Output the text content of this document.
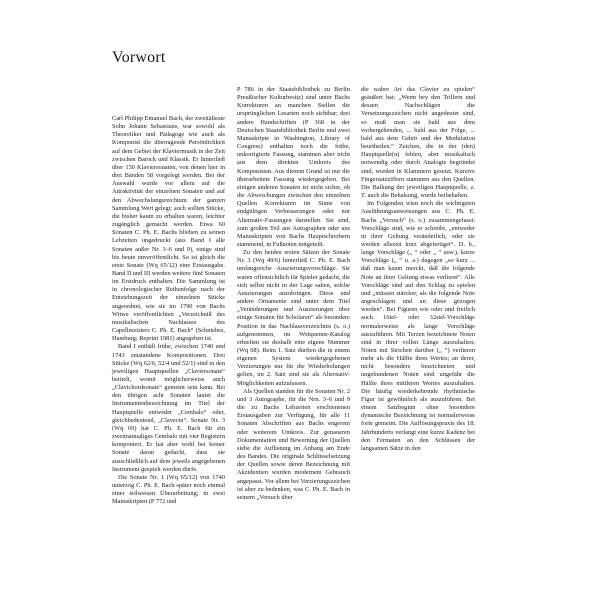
Vorwort

Carl Philipp Emanuel Bach, der zweitälteste Sohn Johann Sebastians, war sowohl als Theoretiker und Pädagoge wie auch als Komponist die überragende Persönlichkeit auf dem Gebiet der Klaviermusik in der Zeit zwischen Barock und Klassik. Er hinterließ über 150 Klaviersonaten, von denen hier in drei Bänden 58 vorgelegt werden. Bei der Auswahl wurde vor allem auf die Attraktivität der einzelnen Sonaten und auf den Abwechslungsreichtum der ganzen Sammlung Wert gelegt; auch sollten Stücke, die bisher kaum zu erhalten waren, leichter zugänglich gemacht werden. Etwa 60 Sonaten C. Ph. E. Bachs blieben zu seinen Lebzeiten ungedruckt (aus Band I alle Sonaten außer Nr. 3–6 und 9), einige sind bis heute unveröffentlicht. So ist gleich die erste Sonate (Wq 65/12) eine Erstausgabe. Band II und III werden weitere fünf Sonaten im Erstdruck enthalten. Die Sammlung ist in chronologischer Reihenfolge nach der Entstehungszeit der einzelnen Stücke angeordnet, wie sie im 1790 von Bachs Witwe veröffentlichten „Verzeichniß des musikalischen Nachlasses des Capellmeisters C. Ph. E. Bach“ (Schniebes, Hamburg; Reprint 1981) angegeben ist.

Band I enthält frühe, zwischen 1740 und 1743 entstandene Kompositionen. Drei Stücke (Wq 62/6, 52/4 und 52/1) sind in den jeweiligen Hauptquellen „Claviersonate“ betitelt, womit möglicherweise auch „Clavichordsonate“ gemeint sein kann. Bei den übrigen acht Sonaten lautet die Instrumentenbezeichnung im Titel der Hauptquelle entweder „Cembalo“ oder, gleichbedeutend, „Clavecin“. Sonate Nr. 3 (Wq 69) hat C. Ph. E. Bach für ein zweimanualiges Cembalo mit vier Registern komponiert. Er hat aber wohl bei keiner Sonate daran gedacht, dass sie ausschließlich auf dem jeweils angegebenen Instrument gespielt werden dürfe.

Die Sonate Nr. 1 (Wq 65/12) von 1740 unterzog C. Ph. E. Bach später noch einmal einer teilweisen Überarbeitung; in zwei Manuskripten (P 772 und

P 786 in der Staatsbibliothek zu Berlin Preußischer Kulturbesitz) sind unter Bachs Korrekturen an manchen Stellen die ursprünglichen Lesarten noch sichtbar; drei andere Handschriften (P 368 in der Deutschen Staatsbibliothek Berlin und zwei Manuskripte in Washington, Library of Congress) enthalten noch die frühe, unkorrigierte Fassung, stammen aber nicht aus dem direkten Umkreis des Komponisten. Aus diesem Grund ist nur die überarbeitete Fassung wiedergegeben. Bei einigen anderen Sonaten ist nicht sicher, ob die Abweichungen zwischen den einzelnen Quellen Korrekturen im Sinne von endgültigen Verbesserungen oder nur Alternativ-Fassungen darstellen. Sie sind, zum großen Teil aus Autographen oder aus Manuskripten von Bachs Hauptschreibern stammend, in Fußnoten mitgeteilt.

Zu den beiden ersten Sätzen der Sonate Nr. 3 (Wq 49/6) hinterließ C. Ph. E. Bach umfangreiche Auszierungsvorschläge. Sie waren offensichtlich für Spieler gedacht, die sich selbst nicht in der Lage sahen, solche Auszierungen anzubringen. Diese und andere Ornamente sind unter dem Titel „Veränderungen und Auszierungen über einige Sonaten für Scholaren“ als besondere Position in das Nachlassverzeichnis (s. o.) aufgenommen, im Wotquenne-Katalog erhielten sie deshalb eine eigene Nummer (Wq 68). Beim 1. Satz dürften die in einem eigenen System wiedergegebenen Verzierungen nur für die Wiederholungen gelten, im 2. Satz sind sie als Alternativ-Möglichkeiten aufzufassen.

Als Quellen standen für die Sonaten Nr. 2 und 3 Autographe, für die Nrn. 3–6 und 9 die zu Bachs Lebzeiten erschienenen Erstausgaben zur Verfügung, für alle 11 Sonaten Abschriften aus Bachs engerem oder weiterem Umkreis. Zur genaueren Dokumentation und Bewertung der Quellen siehe die Auflistung im Anhang am Ende des Bandes. Die originale Schlüsselsetzung der Quellen sowie deren Bezeichnung mit Akzidentien wurden modernem Gebrauch angepasst. Vor allem bei Verzierungszeichen ist aber zu bedenken, was C. Ph. E. Bach in seinem „Versuch über

die wahre Art das Clavier zu spielen“ geäußert hat: „Wenn bey den Trillern und dessen Nachschlägen die Versetzungszeichen nicht angedeutet sind, so muß man sie bald aus dem vorhergehenden, ... bald aus der Folge, ... bald aus dem Gehör und der Modulation beurtheilen.“ Zeichen, die in der (den) Hauptquelle(n) fehlen, aber musikalisch notwendig oder durch Analogie begründet sind, wurden in Klammern gesetzt. Kursive Fingersatzziffern stammen aus den Quellen. Die Balkung der jeweiligen Hauptquelle, z. T. auch die Behalsung, wurde beibehalten.

Im Folgenden wien noch die wichtigsten Ausführungsanweisungen aus C. Ph. E. Bachs „Versuch“ (s. o.) zusammengefasst: Vorschläge sind, wie er schreibt, „entweder in ihrer Geltung veränderlich, oder sie werden allezeit kurz abgefertiget“. D. h., lange Vorschläge („ “ oder „ “ usw.), kurze Vorschläge („ “ u. a.) dagegen „so kurz ... daß man kaum merckt, daß die folgende Note an ihrer Geltung etwas verlieret“. Alle Vorschläge sind auf den Schlag zu spielen und „müssen stärcker, als die folgende Note angeschlagen und an diese gezogen werden“. Bei Figuren wie oder und freilich auch 16tel- oder 32stel-Vorschläge normalerweise als lange Vorschläge auszuführen. Mit Terzen bezeichnete Noten sind in ihrer vollen Länge auszuhalten; Noten mit Strichen darüber („ “) verlieren mehr als die Hälfte ihres Wertes; an derer, nicht besonders bezeichneten und ungebundenen Noten sind ungefähr die Hälfte ihres mittleren Wertes auszuhalten. Die häufig wiederkehrende rhythmische Figur ist gewöhnlich als auszuführen. Bei einem Satzbeginn ohne besondere dynamische Bezeichnung ist normalerweise forte gemeint. Die Auflösungspraxis des 18. Jahrhunderts verlangt eine kurze Kadenz bei den Fermaten an den Schlüssen der langsamen Sätze in den
